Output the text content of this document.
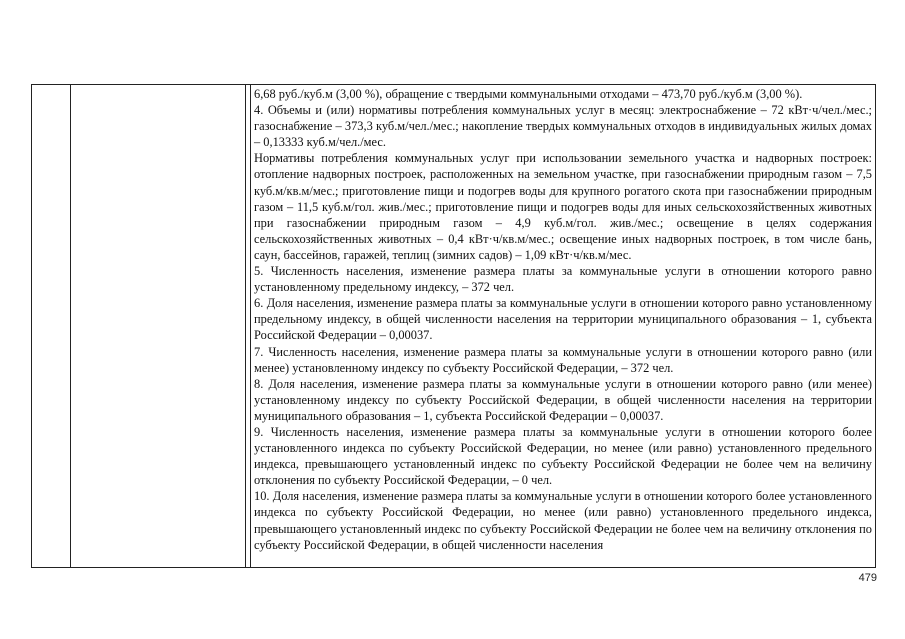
6,68 руб./куб.м (3,00 %), обращение с твердыми коммунальными отходами – 473,70 руб./куб.м (3,00 %).

4. Объемы и (или) нормативы потребления коммунальных услуг в месяц: электроснабжение – 72 кВт·ч/чел./мес.; газоснабжение – 373,3 куб.м/чел./мес.; накопление твердых коммунальных отходов в индивидуальных жилых домах – 0,13333 куб.м/чел./мес.

Нормативы потребления коммунальных услуг при использовании земельного участка и надворных построек: отопление надворных построек, расположенных на земельном участке, при газоснабжении природным газом – 7,5 куб.м/кв.м/мес.; приготовление пищи и подогрев воды для крупного рогатого скота при газоснабжении природным газом – 11,5 куб.м/гол. жив./мес.; приготовление пищи и подогрев воды для иных сельскохозяйственных животных при газоснабжении природным газом – 4,9 куб.м/гол. жив./мес.; освещение в целях содержания сельскохозяйственных животных – 0,4 кВт·ч/кв.м/мес.; освещение иных надворных построек, в том числе бань, саун, бассейнов, гаражей, теплиц (зимних садов) – 1,09 кВт·ч/кв.м/мес.

5. Численность населения, изменение размера платы за коммунальные услуги в отношении которого равно установленному предельному индексу, – 372 чел.

6. Доля населения, изменение размера платы за коммунальные услуги в отношении которого равно установленному предельному индексу, в общей численности населения на территории муниципального образования – 1, субъекта Российской Федерации – 0,00037.

7. Численность населения, изменение размера платы за коммунальные услуги в отношении которого равно (или менее) установленному индексу по субъекту Российской Федерации, – 372 чел.

8. Доля населения, изменение размера платы за коммунальные услуги в отношении которого равно (или менее) установленному индексу по субъекту Российской Федерации, в общей численности населения на территории муниципального образования – 1, субъекта Российской Федерации – 0,00037.

9. Численность населения, изменение размера платы за коммунальные услуги в отношении которого более установленного индекса по субъекту Российской Федерации, но менее (или равно) установленного предельного индекса, превышающего установленный индекс по субъекту Российской Федерации не более чем на величину отклонения по субъекту Российской Федерации, – 0 чел.

10. Доля населения, изменение размера платы за коммунальные услуги в отношении которого более установленного индекса по субъекту Российской Федерации, но менее (или равно) установленного предельного индекса, превышающего установленный индекс по субъекту Российской Федерации не более чем на величину отклонения по субъекту Российской Федерации, в общей численности населения

479
